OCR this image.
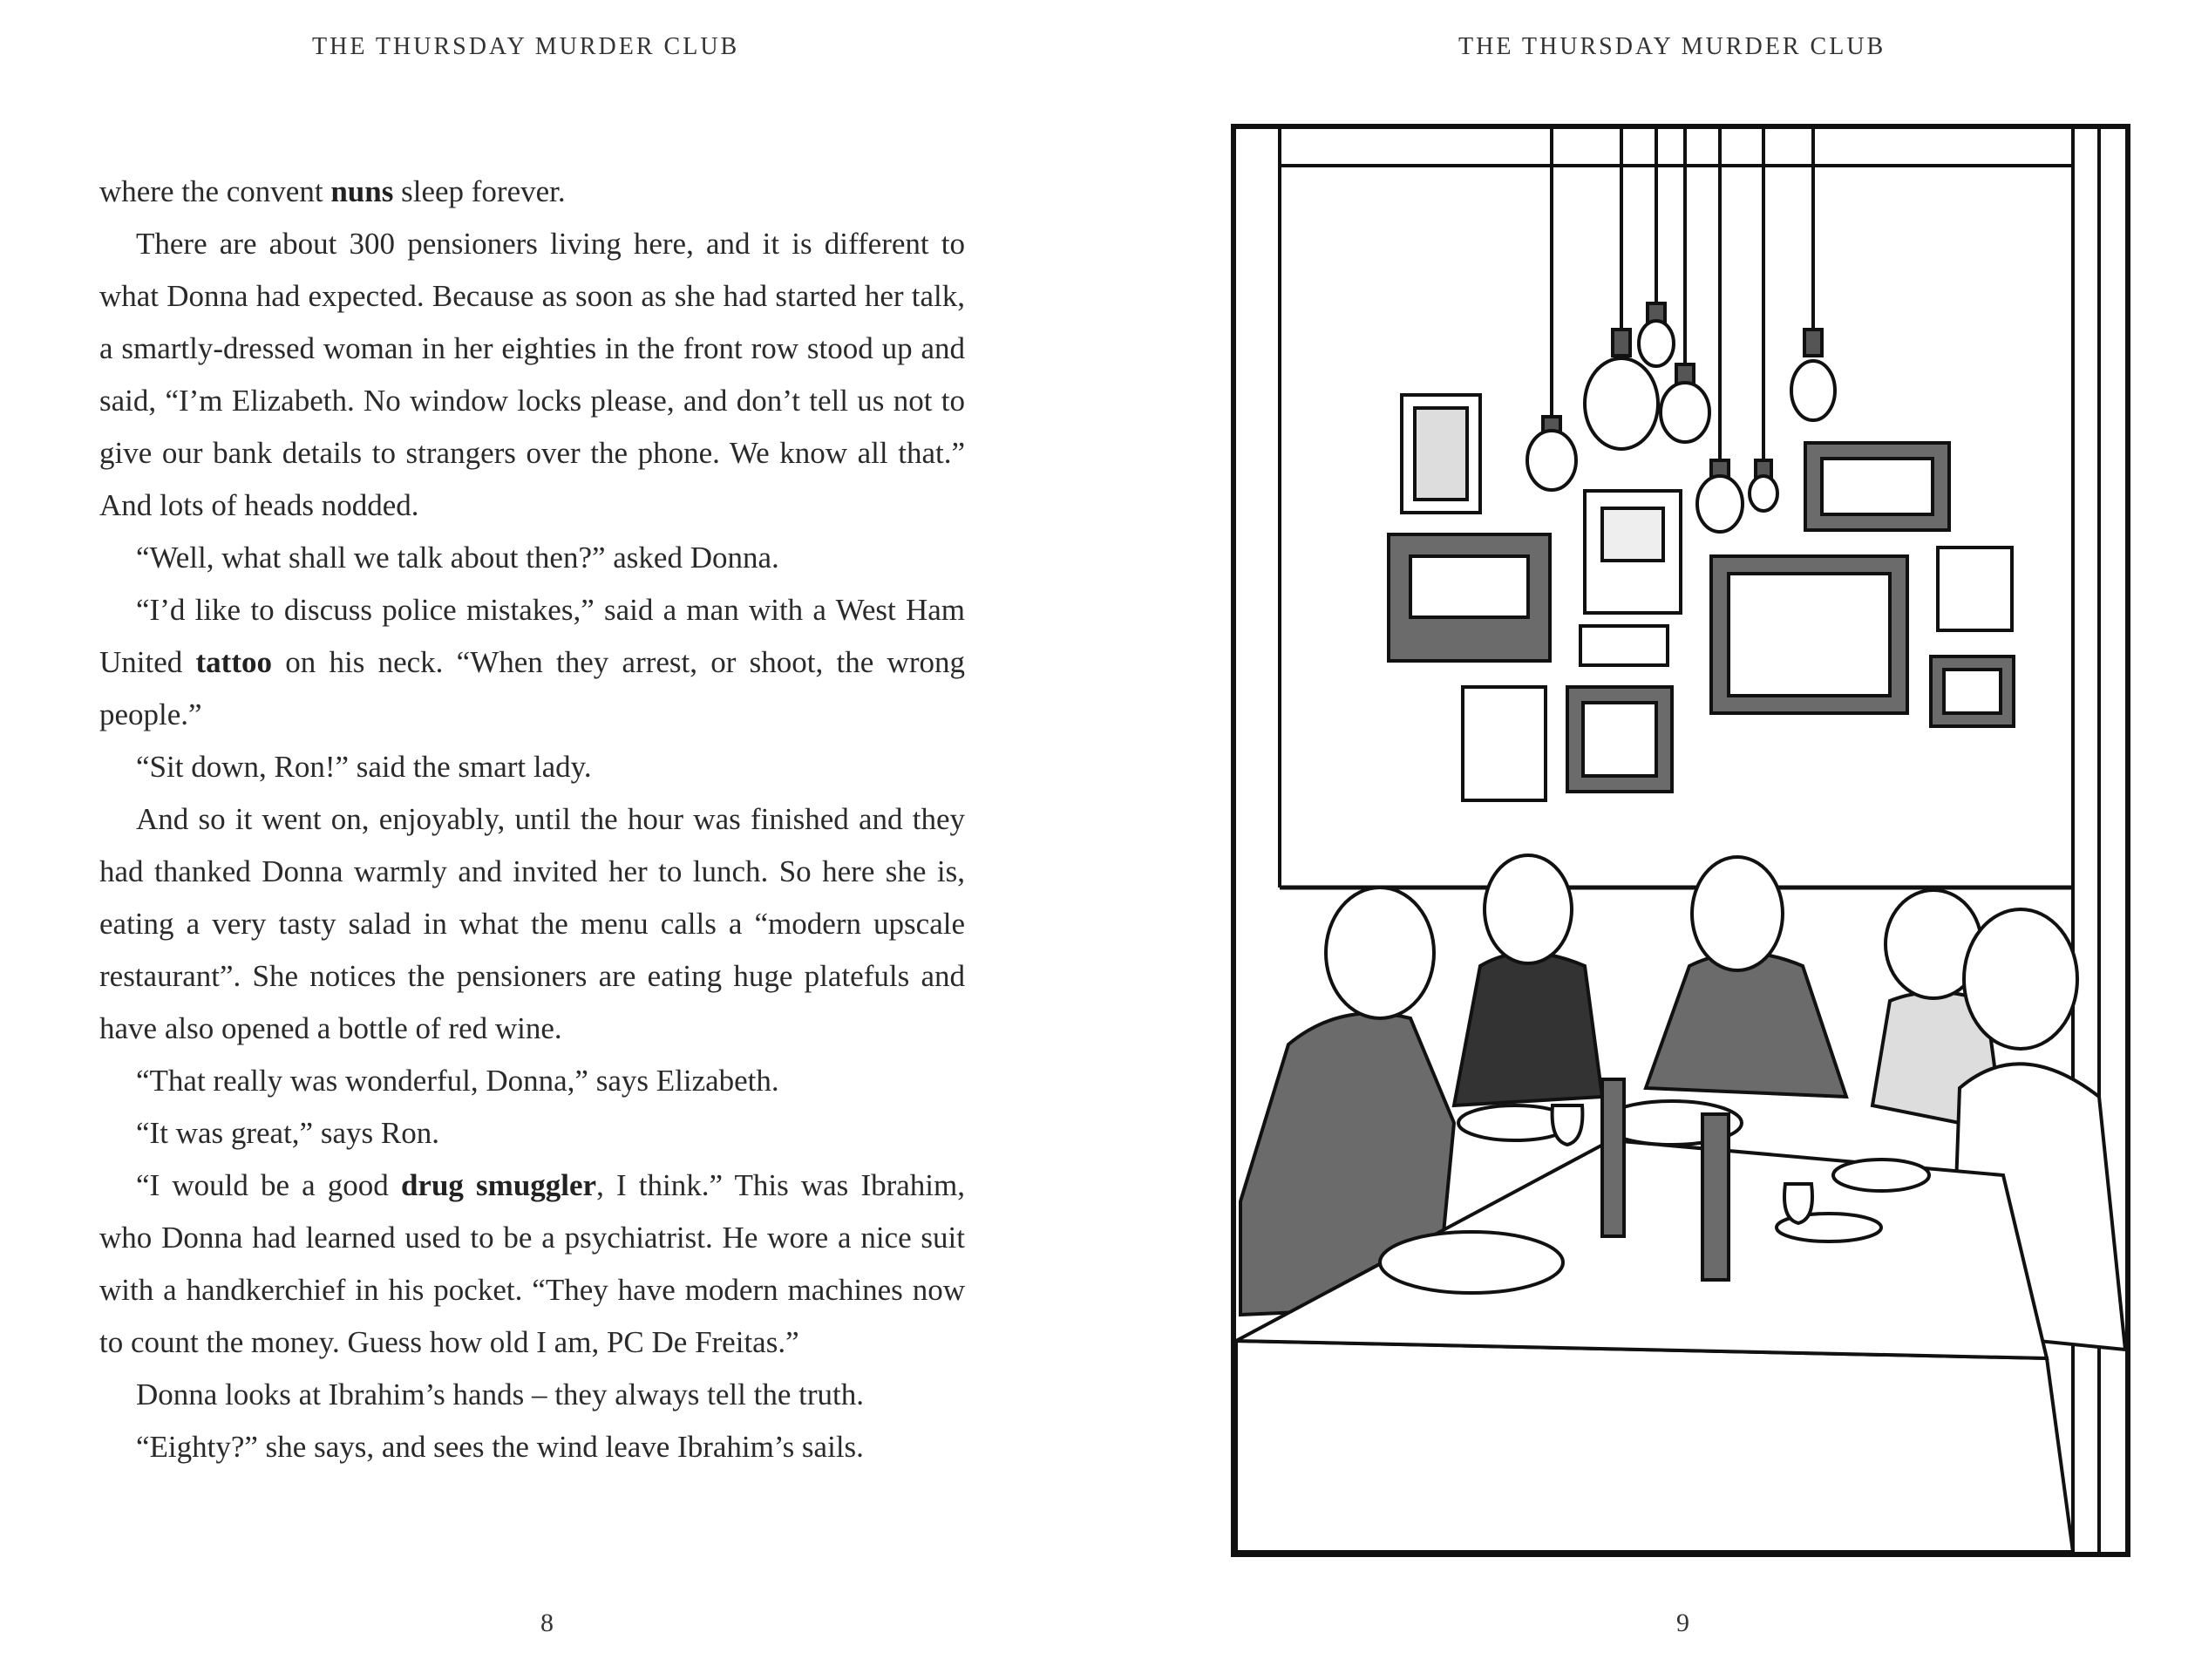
THE THURSDAY MURDER CLUB

where the convent nuns sleep forever.

There are about 300 pensioners living here, and it is different to what Donna had expected. Because as soon as she had started her talk, a smartly-dressed woman in her eighties in the front row stood up and said, “I’m Elizabeth. No window locks please, and don’t tell us not to give our bank details to strangers over the phone. We know all that.” And lots of heads nodded.

“Well, what shall we talk about then?” asked Donna.

“I’d like to discuss police mistakes,” said a man with a West Ham United tattoo on his neck. “When they arrest, or shoot, the wrong people.”

“Sit down, Ron!” said the smart lady.

And so it went on, enjoyably, until the hour was finished and they had thanked Donna warmly and invited her to lunch. So here she is, eating a very tasty salad in what the menu calls a “modern upscale restaurant”. She notices the pensioners are eating huge platefuls and have also opened a bottle of red wine.

“That really was wonderful, Donna,” says Elizabeth.

“It was great,” says Ron.

“I would be a good drug smuggler, I think.” This was Ibrahim, who Donna had learned used to be a psychiatrist. He wore a nice suit with a handkerchief in his pocket. “They have modern machines now to count the money. Guess how old I am, PC De Freitas.”

Donna looks at Ibrahim’s hands – they always tell the truth.

“Eighty?” she says, and sees the wind leave Ibrahim’s sails.

8
THE THURSDAY MURDER CLUB
9
